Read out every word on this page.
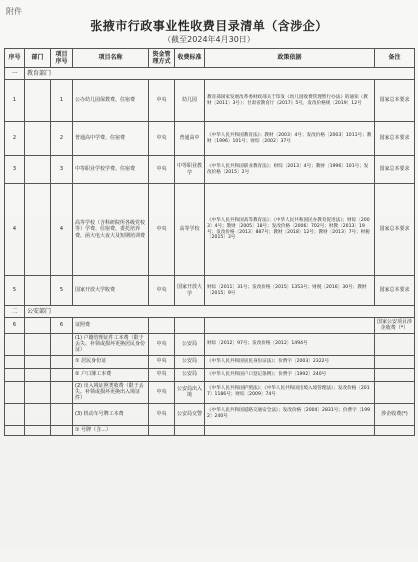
附件
张掖市行政事业性收费目录清单（含涉企）
（截至2024年4月30日）
序号	部门	项目序号	项目名称	资金管理方式	收费标准	政策依据	备注
一	教育部门						
1		1	公办幼儿园保教费、住宿费	中央	幼儿园	教育部国家发展改革委财政部关于印发《幼儿园收费管理暂行办法》的通知（教财〔2011〕3号）；甘肃省教育厅《2017》5号，发改价格规〔2019〕12号	国家总本要求
2		2	普通高中学费、住宿费	中央	普通高中	《中华人民共和国教育法》；教财〔2003〕4号；发改价格〔2003〕1011号；教财〔1996〕101号；财综〔2002〕37号	国家总本要求
3		3	中等职业学校学费、住宿费	中央	中等职业教学	《中华人民共和国职业教育法》；财综〔2013〕4号；教财〔1996〕101号；发改价格〔2015〕2号	国家总本要求
4		4	高等学校（含科研院所各级党校等）学费、住宿费、委托培养费、函大电大夜大及短期培训费	中央	高等学校	《中华人民共和国高等教育法》；《中华人民共和国民办教育促进法》；财综〔2003〕4号；教财〔2005〕18号；发改价格〔2006〕702号；财教〔2013〕19号；发改价格〔2013〕887号；教财〔2018〕12号；教财〔2013〕7号；财税〔2015〕3号	国家总本要求
5		5	国家开放大学收费	中央	国家开放大学	财综〔2011〕31号；发改价格〔2015〕1353号；财税〔2016〕30号；教财〔2015〕9号	国家总本要求
二	公安部门						
6		6	证照费				国家公安项目涉企收费（*）
			(1) 户籍管理证件工本费（限于丢失、补领或损坏更换居民身份证）	中央	公安局	财综〔2012〕97号；发改价格〔2012〕1494号	
			① 居民身份证	中央	公安局	《中华人民共和国居民身份证法》；价费字〔2003〕2322号	
			② 户口簿工本费	中央	公安局	《中华人民共和国户口登记条例》；价费字〔1992〕240号	
			(2) 出入境证照类收费（限于丢失、补领或损坏更换出入境证件）	中央	公安局出入境	《中华人民共和国护照法》；《中华人民共和国出境入境管理法》；发改价格〔2017〕1186号；财综〔2009〕74号	
			(3) 机动车号牌工本费	中央	公安局交警	《中华人民共和国道路交通安全法》；发改价格〔2004〕2831号；价费字〔1992〕240号	涉企收费(*)
			① 号牌（含...）				
